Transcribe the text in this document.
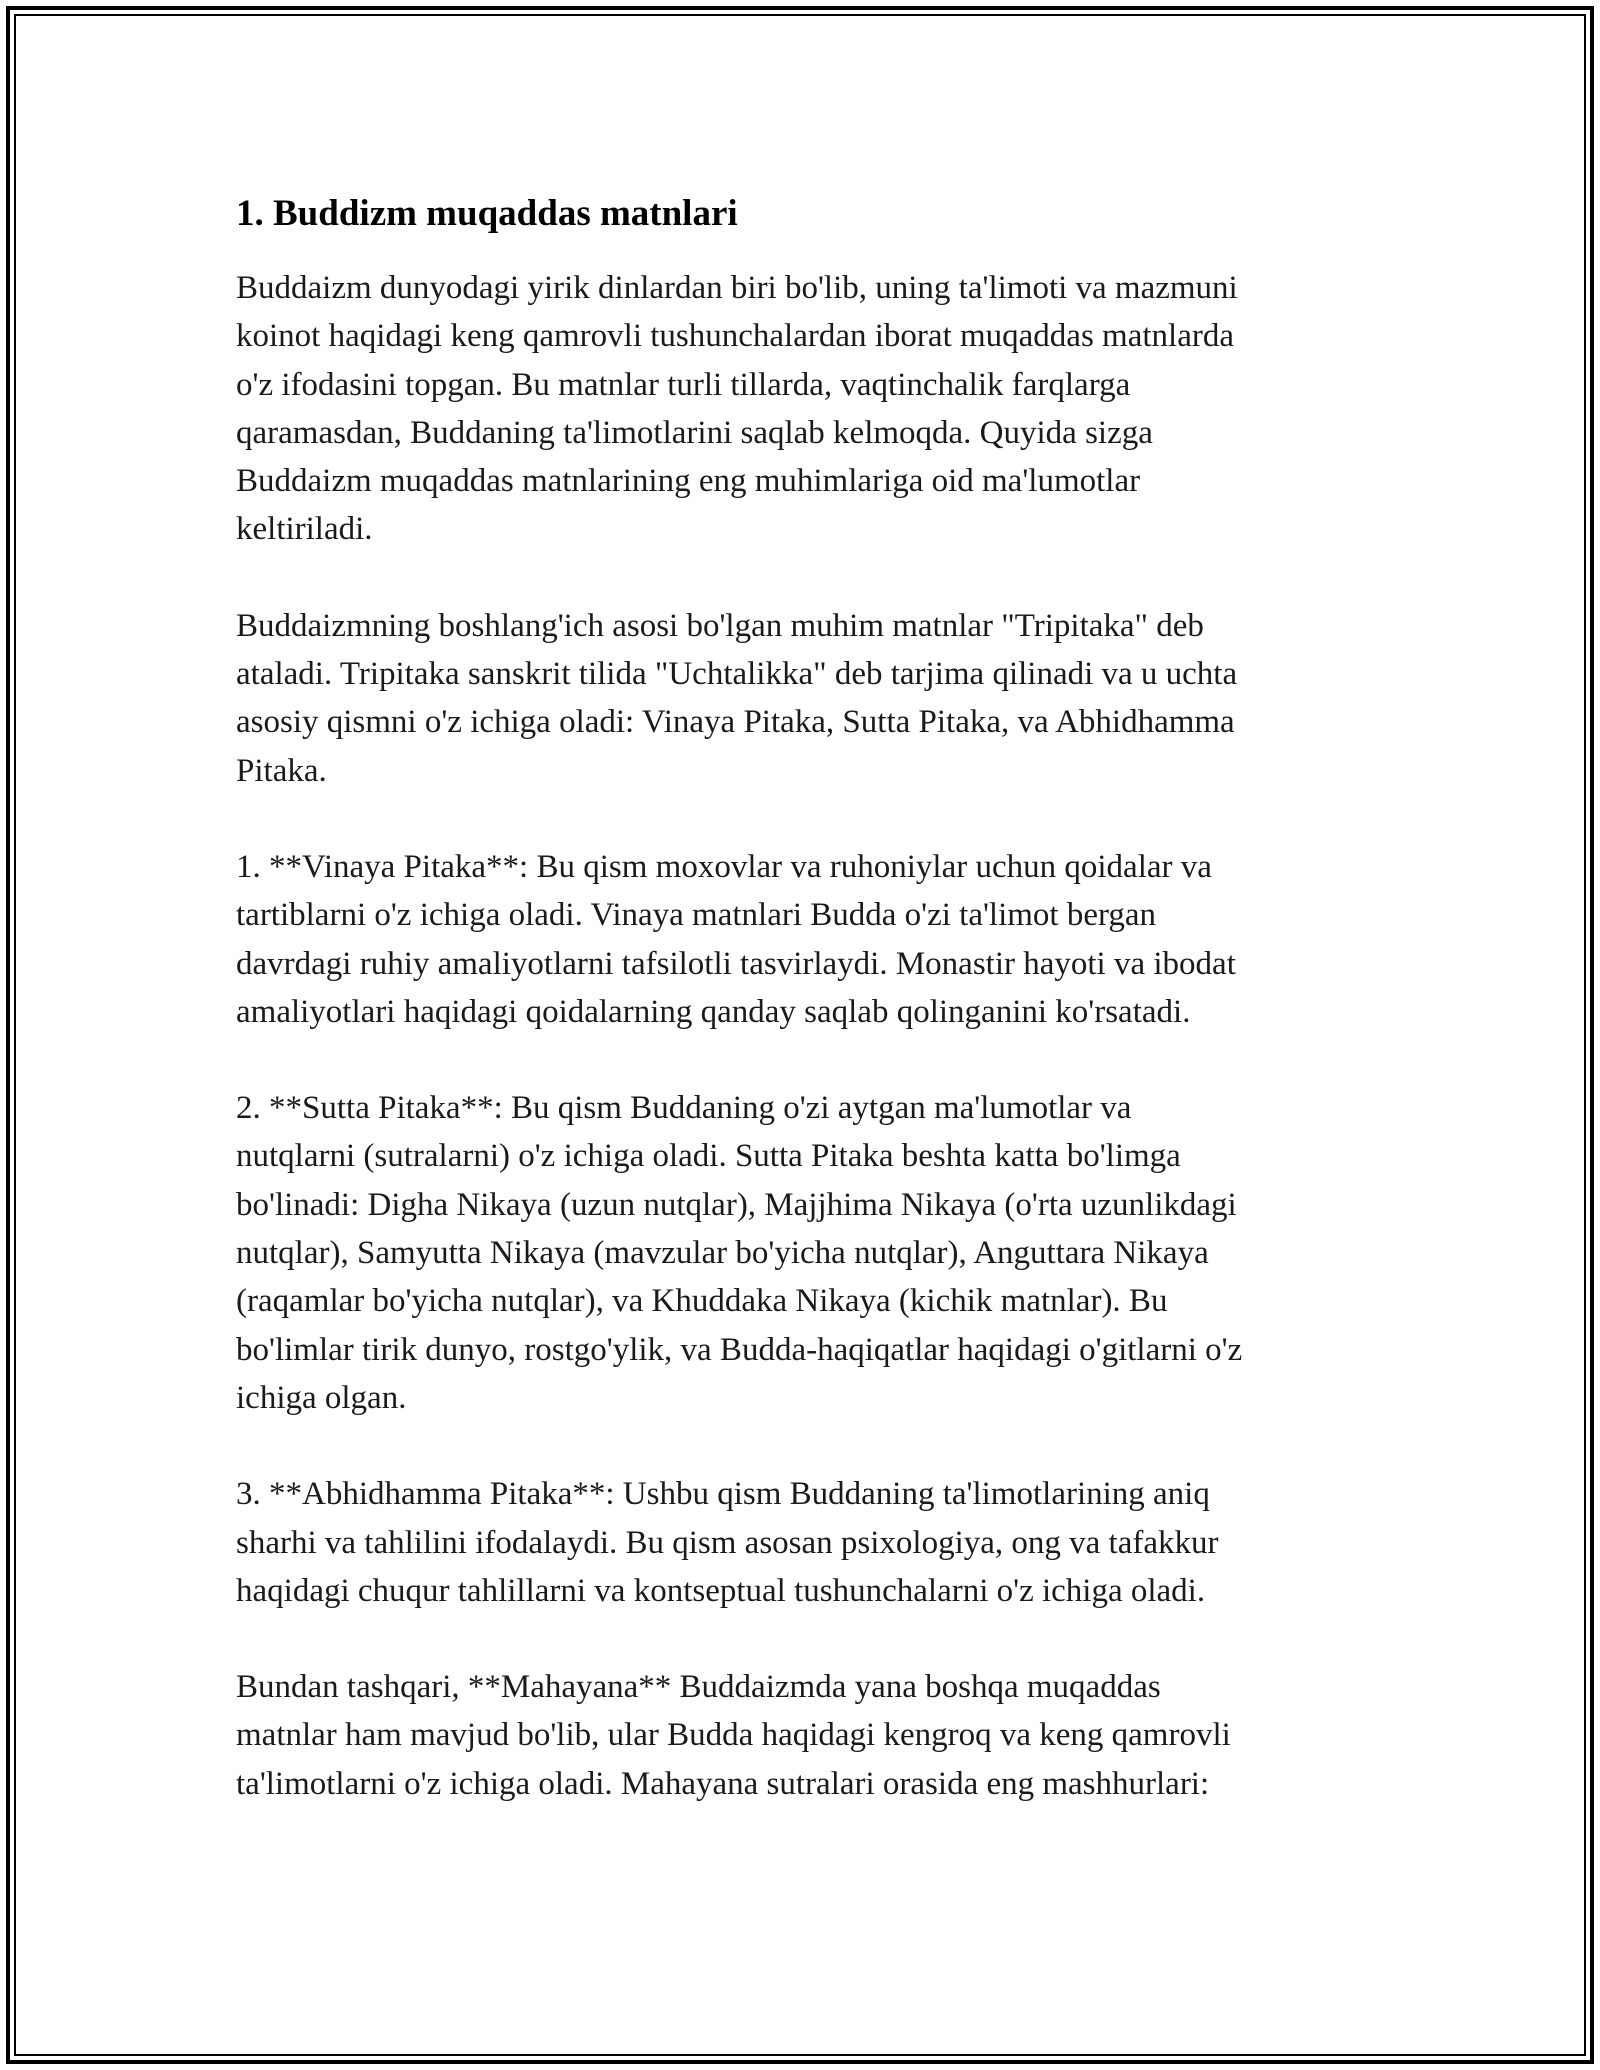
1. Buddizm muqaddas matnlari

Buddaizm dunyodagi yirik dinlardan biri bo'lib, uning ta'limoti va mazmuni
koinot haqidagi keng qamrovli tushunchalardan iborat muqaddas matnlarda
o'z ifodasini topgan. Bu matnlar turli tillarda, vaqtinchalik farqlarga
qaramasdan, Buddaning ta'limotlarini saqlab kelmoqda. Quyida sizga
Buddaizm muqaddas matnlarining eng muhimlariga oid ma'lumotlar
keltiriladi.

Buddaizmning boshlang'ich asosi bo'lgan muhim matnlar "Tripitaka" deb
ataladi. Tripitaka sanskrit tilida "Uchtalikka" deb tarjima qilinadi va u uchta
asosiy qismni o'z ichiga oladi: Vinaya Pitaka, Sutta Pitaka, va Abhidhamma
Pitaka.

1. **Vinaya Pitaka**: Bu qism moxovlar va ruhoniylar uchun qoidalar va
tartiblarni o'z ichiga oladi. Vinaya matnlari Budda o'zi ta'limot bergan
davrdagi ruhiy amaliyotlarni tafsilotli tasvirlaydi. Monastir hayoti va ibodat
amaliyotlari haqidagi qoidalarning qanday saqlab qolinganini ko'rsatadi.

2. **Sutta Pitaka**: Bu qism Buddaning o'zi aytgan ma'lumotlar va
nutqlarni (sutralarni) o'z ichiga oladi. Sutta Pitaka beshta katta bo'limga
bo'linadi: Digha Nikaya (uzun nutqlar), Majjhima Nikaya (o'rta uzunlikdagi
nutqlar), Samyutta Nikaya (mavzular bo'yicha nutqlar), Anguttara Nikaya
(raqamlar bo'yicha nutqlar), va Khuddaka Nikaya (kichik matnlar). Bu
bo'limlar tirik dunyo, rostgo'ylik, va Budda-haqiqatlar haqidagi o'gitlarni o'z
ichiga olgan.

3. **Abhidhamma Pitaka**: Ushbu qism Buddaning ta'limotlarining aniq
sharhi va tahlilini ifodalaydi. Bu qism asosan psixologiya, ong va tafakkur
haqidagi chuqur tahlillarni va kontseptual tushunchalarni o'z ichiga oladi.

Bundan tashqari, **Mahayana** Buddaizmda yana boshqa muqaddas
matnlar ham mavjud bo'lib, ular Budda haqidagi kengroq va keng qamrovli
ta'limotlarni o'z ichiga oladi. Mahayana sutralari orasida eng mashhurlari:
